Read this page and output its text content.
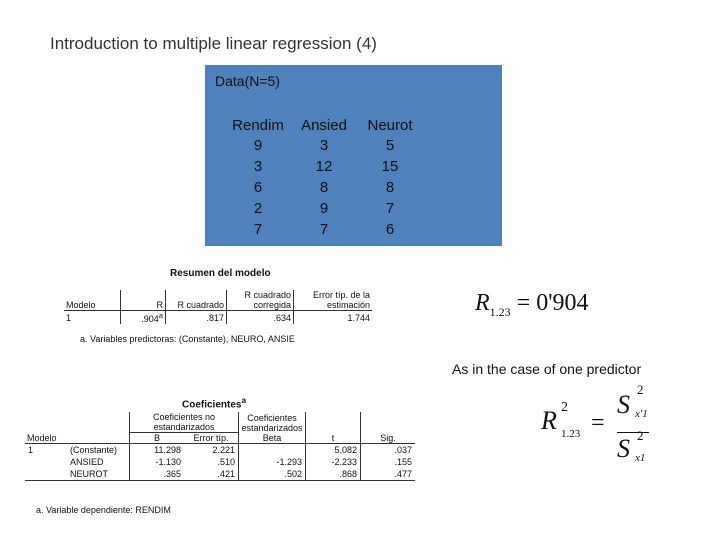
Introduction to multiple linear regression (4)
Data(N=5)
Rendim	Ansied	Neurot
9	3	5
3	12	15
6	8	8
2	9	7
7	7	6
Resumen del modelo
Modelo	R	R cuadrado	R cuadrado corregida	Error típ. de la estimación
1	.904$^a$	.817	.634	1.744
a. Variables predictoras: (Constante), NEURO, ANSIE
Coeficientes$^a$
		Coeficientes no estandarizados		Coeficientes estandarizados		
Modelo		B	Error típ.	Beta	t	Sig.
1	(Constante)	11.298	2.221		5.082	.037
	ANSIED	-1.130	.510	-1.293	-2.233	.155
	NEUROT	.365	.421	.502	.868	.477
a. Variable dependiente: RENDIM
$R_{1.23} = 0'904$
As in the case of one predictor
R 2
1.23 =
S
2
x'1
S 2
x1
